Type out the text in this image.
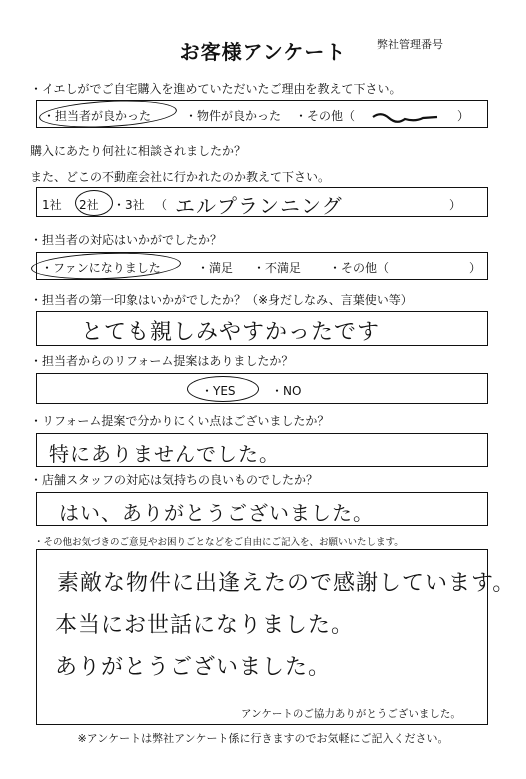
お客様アンケート	弊社管理番号
・イエしがでご自宅購入を進めていただいたご理由を教えて下さい。
・担当者が良かった	・物件が良かった ・その他（	）
購入にあたり何社に相談されましたか？
また、どこの不動産会社に行かれたのか教えて下さい。
1社 2社 ・3社 （ エルプランニング	）
・担当者の対応はいかがでしたか？
・ファンになりました	・満足 ・不満足 ・その他（	）
・担当者の第一印象はいかがでしたか？（※身だしなみ、言葉使い等）
とても親しみやすかったです
・担当者からのリフォーム提案はありましたか？
・YES	・NO
・リフォーム提案で分かりにくい点はございましたか？
特にありませんでした。
・店舗スタッフの対応は気持ちの良いものでしたか？
はい、ありがとうございました。
・その他お気づきのご意見やお困りごとなどをご自由にご記入を、お願いいたします。
素敵な物件に出逢えたので感謝しています。
本当にお世話になりました。
ありがとうございました。
アンケートのご協力ありがとうございました。
※アンケートは弊社アンケート係に行きますのでお気軽にご記入ください。
